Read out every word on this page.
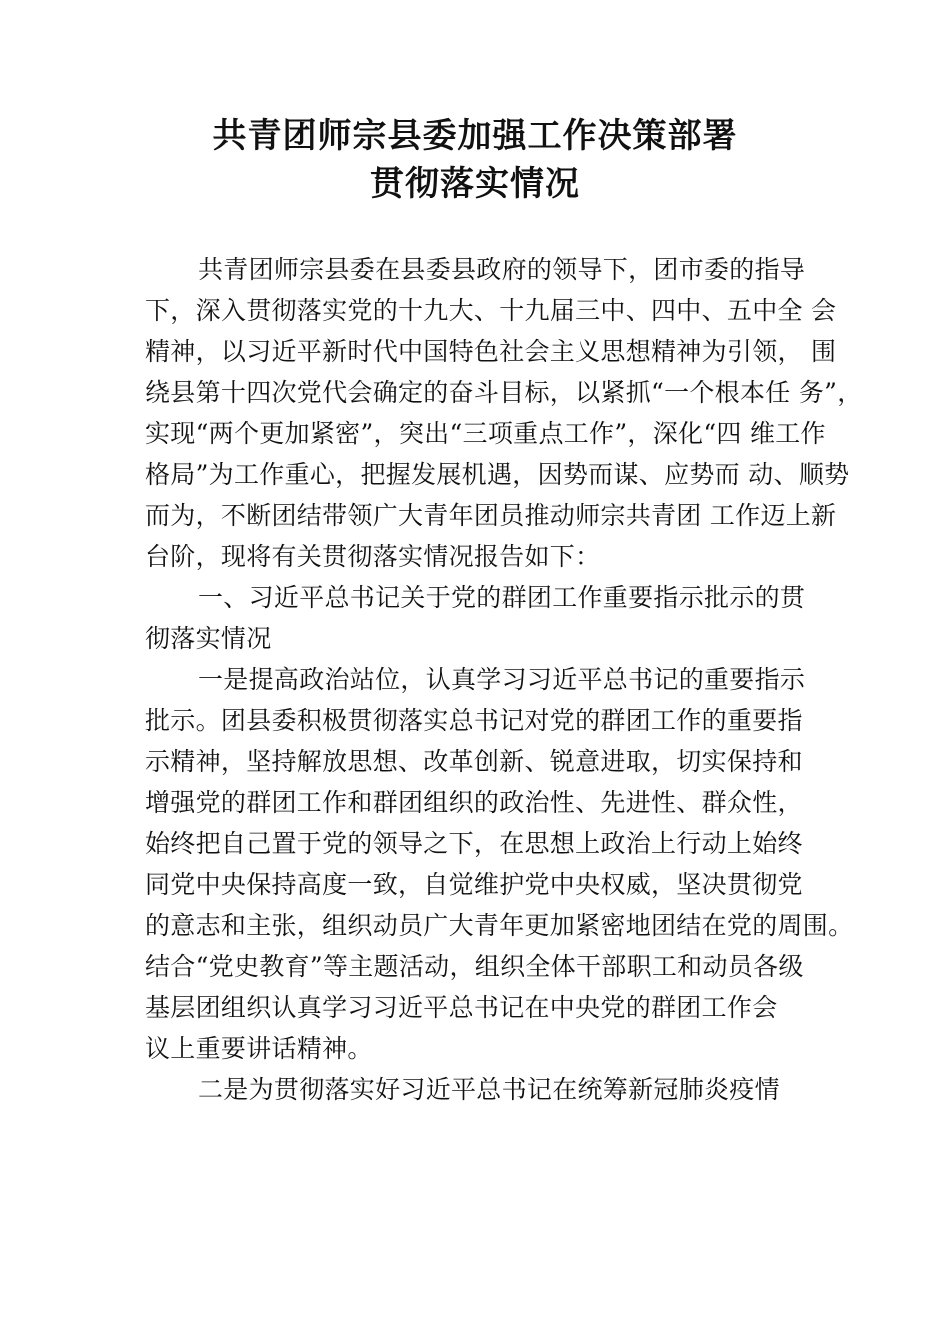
共青团师宗县委加强工作决策部署
贯彻落实情况
共青团师宗县委在县委县政府的领导下，团市委的指导
下，深入贯彻落实党的十九大、十九届三中、四中、五中全 会
精神，以习近平新时代中国特色社会主义思想精神为引领， 围
绕县第十四次党代会确定的奋斗目标，以紧抓“一个根本任 务”，
实现“两个更加紧密”，突出“三项重点工作”，深化“四 维工作
格局”为工作重心，把握发展机遇，因势而谋、应势而 动、顺势
而为，不断团结带领广大青年团员推动师宗共青团 工作迈上新
台阶，现将有关贯彻落实情况报告如下：
一、习近平总书记关于党的群团工作重要指示批示的贯
彻落实情况
一是提高政治站位，认真学习习近平总书记的重要指示
批示。团县委积极贯彻落实总书记对党的群团工作的重要指
示精神，坚持解放思想、改革创新、锐意进取，切实保持和
增强党的群团工作和群团组织的政治性、先进性、群众性，
始终把自己置于党的领导之下，在思想上政治上行动上始终
同党中央保持高度一致，自觉维护党中央权威，坚决贯彻党
的意志和主张，组织动员广大青年更加紧密地团结在党的周围。
结合“党史教育”等主题活动，组织全体干部职工和动员各级
基层团组织认真学习习近平总书记在中央党的群团工作会
议上重要讲话精神。
二是为贯彻落实好习近平总书记在统筹新冠肺炎疫情
